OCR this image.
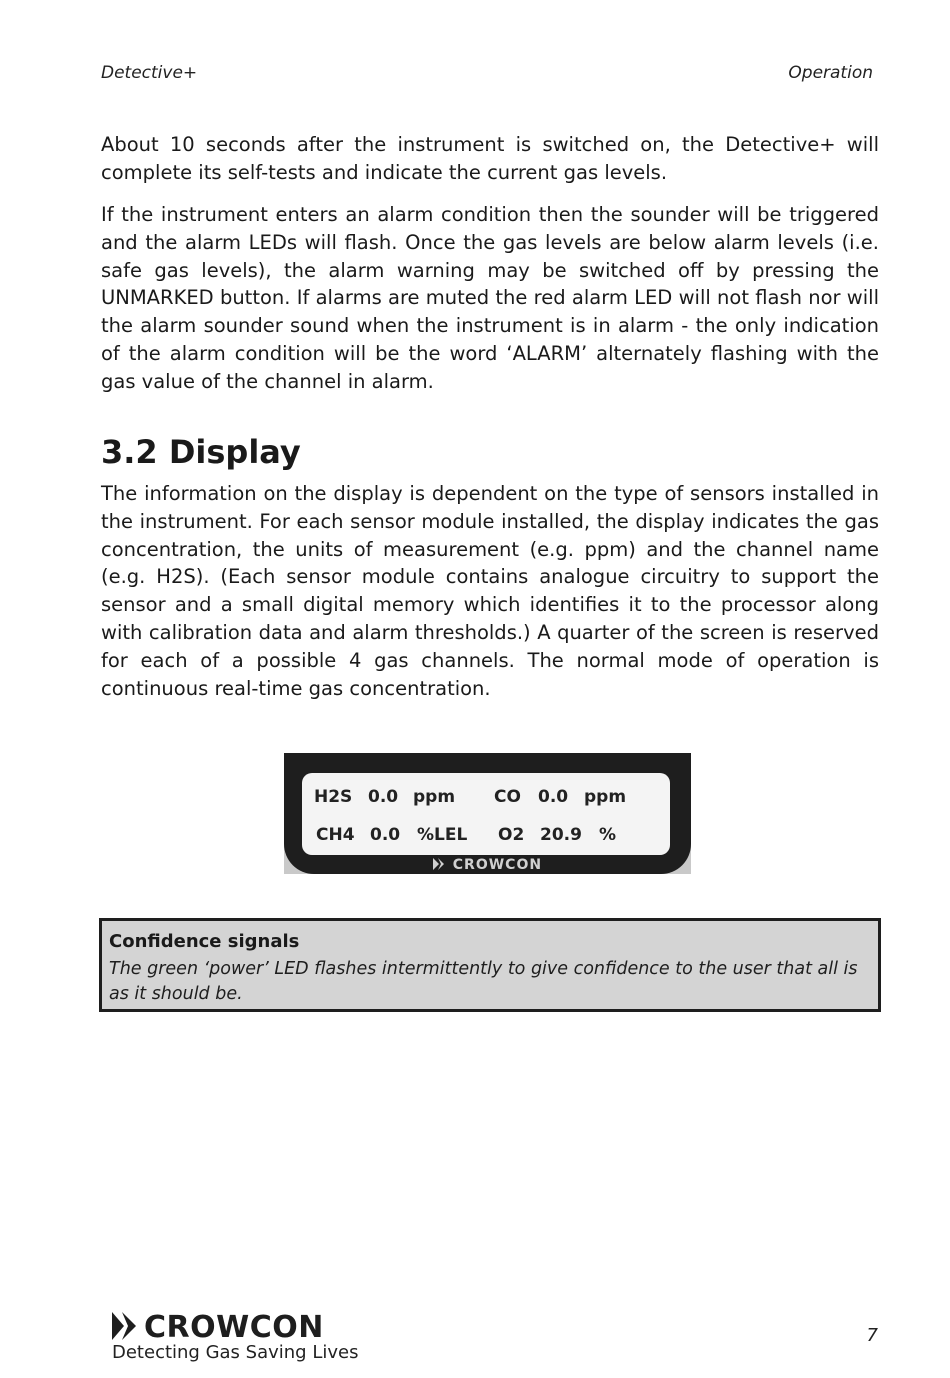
Detective+	Operation

About 10 seconds after the instrument is switched on, the Detective+ will complete its self-tests and indicate the current gas levels.

If the instrument enters an alarm condition then the sounder will be triggered and the alarm LEDs will flash. Once the gas levels are below alarm levels (i.e. safe gas levels), the alarm warning may be switched off by pressing the UNMARKED button. If alarms are muted the red alarm LED will not flash nor will the alarm sounder sound when the instrument is in alarm - the only indication of the alarm condition will be the word ‘ALARM’ alternately flashing with the gas value of the channel in alarm.

3.2 Display

The information on the display is dependent on the type of sensors installed in the instrument. For each sensor module installed, the display indicates the gas concentration, the units of measurement (e.g. ppm) and the channel name (e.g. H2S). (Each sensor module contains analogue circuitry to support the sensor and a small digital memory which identifies it to the processor along with calibration data and alarm thresholds.) A quarter of the screen is reserved for each of a possible 4 gas channels. The normal mode of operation is continuous real-time gas concentration.

H2S 0.0 ppm CO 0.0 ppm
CH4 0.0 %LEL O2 20.9 %
CROWCON
Confidence signals
The green ‘power’ LED flashes intermittently to give confidence to the user that all is as it should be.
CROWCON
Detecting Gas Saving Lives
7
